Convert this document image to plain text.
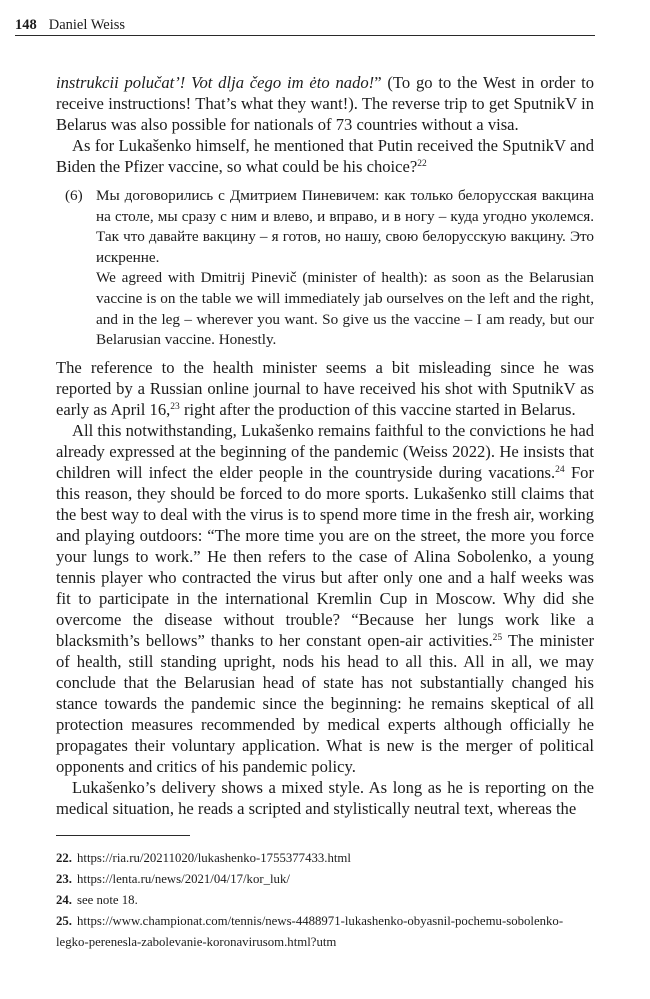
148 Daniel Weiss

instrukcii polučat’! Vot dlja čego im ėto nado!” (To go to the West in order to receive instructions! That’s what they want!). The reverse trip to get SputnikV in Belarus was also possible for nationals of 73 countries without a visa.

As for Lukašenko himself, he mentioned that Putin received the SputnikV and Biden the Pfizer vaccine, so what could be his choice?$^{22}$

(6) Мы договорились с Дмитрием Пиневичем: как только белорусская вакцина на столе, мы сразу с ним и влево, и вправо, и в ногу – куда угодно уколемся. Так что давайте вакцину – я готов, но нашу, свою белорусскую вакцину. Это искренне.
We agreed with Dmitrij Pinevič (minister of health): as soon as the Belarusian vaccine is on the table we will immediately jab ourselves on the left and the right, and in the leg – wherever you want. So give us the vaccine – I am ready, but our Belarusian vaccine. Honestly.

The reference to the health minister seems a bit misleading since he was reported by a Russian online journal to have received his shot with SputnikV as early as April 16,23 right after the production of this vaccine started in Belarus.

All this notwithstanding, Lukašenko remains faithful to the convictions he had already expressed at the beginning of the pandemic (Weiss 2022). He insists that children will infect the elder people in the countryside during vacations.$^{24}$ For this reason, they should be forced to do more sports. Lukašenko still claims that the best way to deal with the virus is to spend more time in the fresh air, working and playing outdoors: “The more time you are on the street, the more you force your lungs to work.” He then refers to the case of Alina Sobolenko, a young tennis player who contracted the virus but after only one and a half weeks was fit to participate in the international Kremlin Cup in Moscow. Why did she overcome the disease without trouble? “Because her lungs work like a blacksmith’s bellows” thanks to her constant open-air activities.$^{25}$ The minister of health, still standing upright, nods his head to all this. All in all, we may conclude that the Belarusian head of state has not substantially changed his stance towards the pandemic since the beginning: he remains skeptical of all protection measures recommended by medical experts although officially he propagates their voluntary application. What is new is the merger of political opponents and critics of his pandemic policy.

Lukašenko’s delivery shows a mixed style. As long as he is reporting on the medical situation, he reads a scripted and stylistically neutral text, whereas the

22. https://ria.ru/20211020/lukashenko-1755377433.html

23. https://lenta.ru/news/2021/04/17/kor_luk/

24. see note 18.

25. https://www.championat.com/tennis/news-4488971-lukashenko-obyasnil-pochemu-sobolenko-legko-perenesla-zabolevanie-koronavirusom.html?utm
